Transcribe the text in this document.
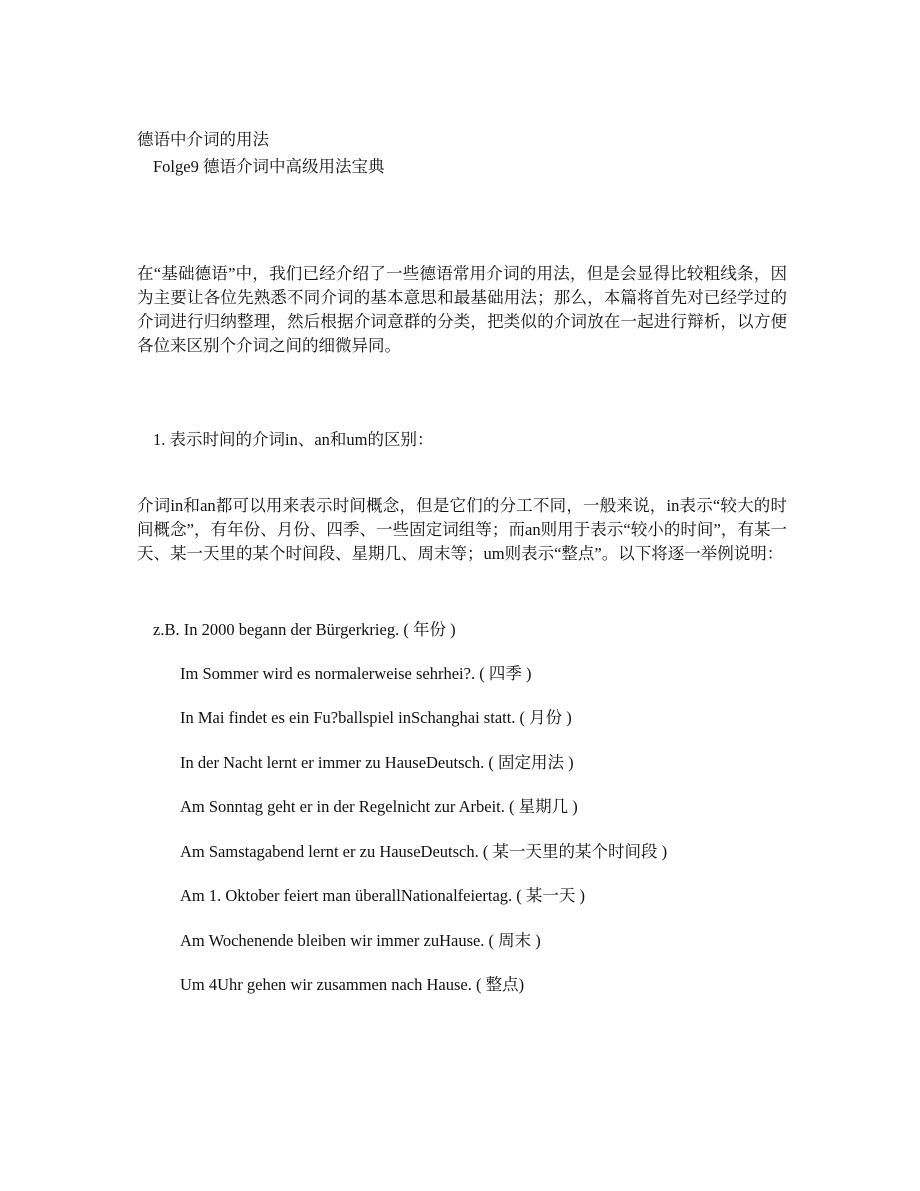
德语中介词的用法
Folge9 德语介词中高级用法宝典
在“基础德语”中，我们已经介绍了一些德语常用介词的用法，但是会显得比较粗线条，因为主要让各位先熟悉不同介词的基本意思和最基础用法；那么，本篇将首先对已经学过的介词进行归纳整理，然后根据介词意群的分类，把类似的介词放在一起进行辩析，以方便各位来区别个介词之间的细微异同。
1. 表示时间的介词in、an和um的区别：
介词in和an都可以用来表示时间概念，但是它们的分工不同，一般来说，in表示“较大的时间概念”，有年份、月份、四季、一些固定词组等；而an则用于表示“较小的时间”，有某一天、某一天里的某个时间段、星期几、周末等；um则表示“整点”。以下将逐一举例说明：
z.B. In 2000 begann der Bürgerkrieg. ( 年份 )
Im Sommer wird es normalerweise sehrhei?. ( 四季 )
In Mai findet es ein Fu?ballspiel inSchanghai statt. ( 月份 )
In der Nacht lernt er immer zu HauseDeutsch. ( 固定用法 )
Am Sonntag geht er in der Regelnicht zur Arbeit. ( 星期几 )
Am Samstagabend lernt er zu HauseDeutsch. ( 某一天里的某个时间段 )
Am 1. Oktober feiert man überallNationalfeiertag. ( 某一天 )
Am Wochenende bleiben wir immer zuHause. ( 周末 )
Um 4Uhr gehen wir zusammen nach Hause. ( 整点)
